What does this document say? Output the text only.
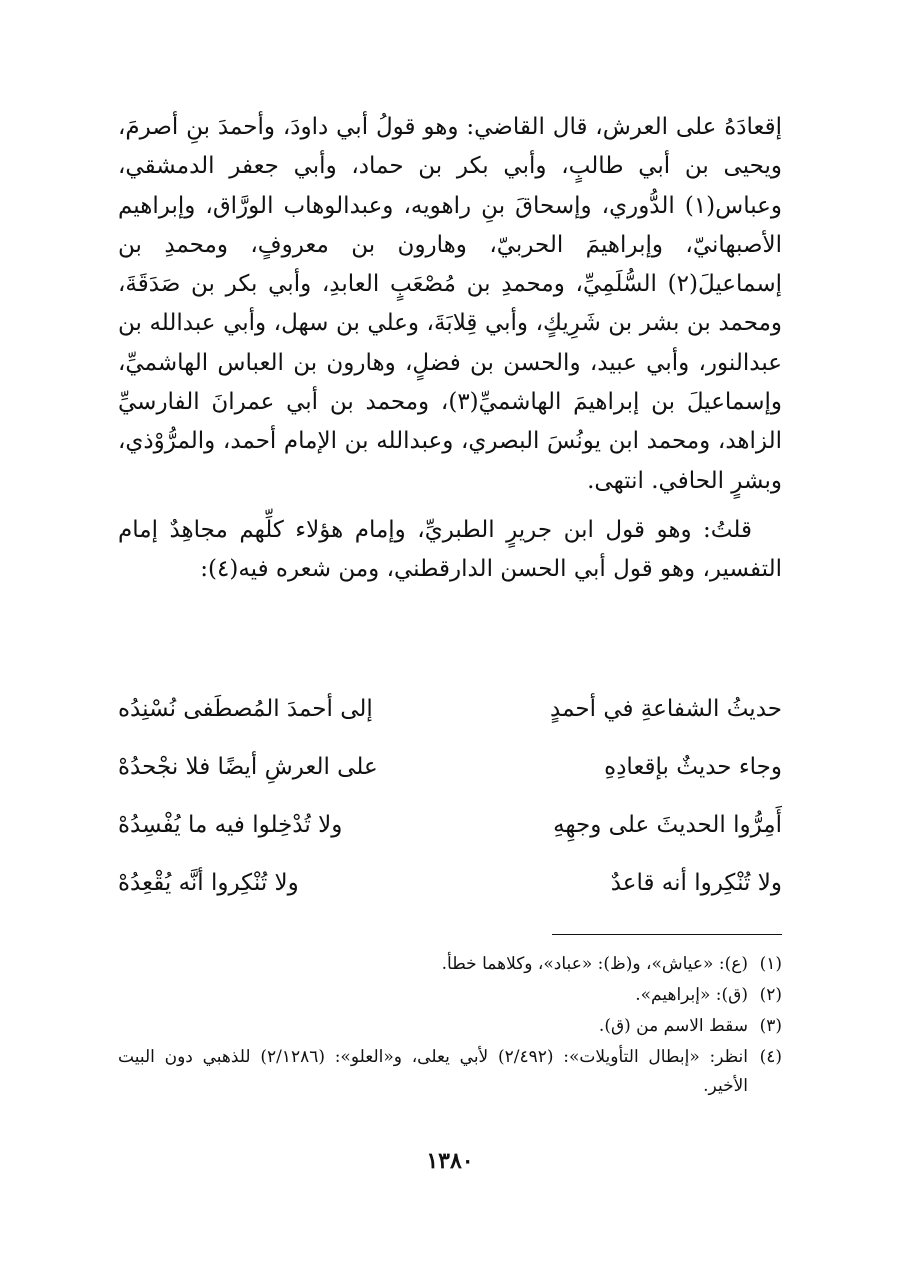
إقعادَهُ على العرش، قال القاضي: وهو قولُ أبي داودَ، وأحمدَ بنِ أصرمَ، ويحيى بن أبي طالبٍ، وأبي بكر بن حماد، وأبي جعفر الدمشقي، وعباس(١) الدُّوري، وإسحاقَ بنِ راهويه، وعبدالوهاب الورَّاق، وإبراهيم الأصبهانيّ، وإبراهيمَ الحربيّ، وهارون بن معروفٍ، ومحمدِ بن إسماعيلَ(٢) السُّلَمِيِّ، ومحمدِ بن مُصْعَبٍ العابدِ، وأبي بكر بن صَدَقَةَ، ومحمد بن بشر بن شَرِيكٍ، وأبي قِلابَةَ، وعلي بن سهل، وأبي عبدالله بن عبدالنور، وأبي عبيد، والحسن بن فضلٍ، وهارون بن العباس الهاشميِّ، وإسماعيلَ بن إبراهيمَ الهاشميِّ(٣)، ومحمد بن أبي عمرانَ الفارسيِّ الزاهد، ومحمد ابن يونُسَ البصري، وعبدالله بن الإمام أحمد، والمرُّوْذي، وبشرٍ الحافي. انتهى.

قلتُ: وهو قول ابن جريرٍ الطبريِّ، وإمام هؤلاء كلِّهم مجاهِدٌ إمام التفسير، وهو قول أبي الحسن الدارقطني، ومن شعره فيه(٤):

حديثُ الشفاعةِ في أحمدٍ
إلى أحمدَ المُصطَفى نُسْنِدُه
وجاء حديثٌ بإقعادِهِ
على العرشِ أيضًا فلا نجْحدُهْ
أَمِرُّوا الحديثَ على وجهِهِ
ولا تُدْخِلوا فيه ما يُفْسِدُهْ
ولا تُنْكِروا أنه قاعدٌ
ولا تُنْكِروا أنَّه يُقْعِدُهْ
(١)
(ع): «عياش»، و(ظ): «عباد»، وكلاهما خطأ.
(٢)
(ق): «إبراهيم».
(٣)
سقط الاسم من (ق).
(٤)
انظر: «إبطال التأويلات»: (٢/٤٩٢) لأبي يعلى، و«العلو»: (٢/١٢٨٦) للذهبي دون البيت الأخير.
١٣٨٠
